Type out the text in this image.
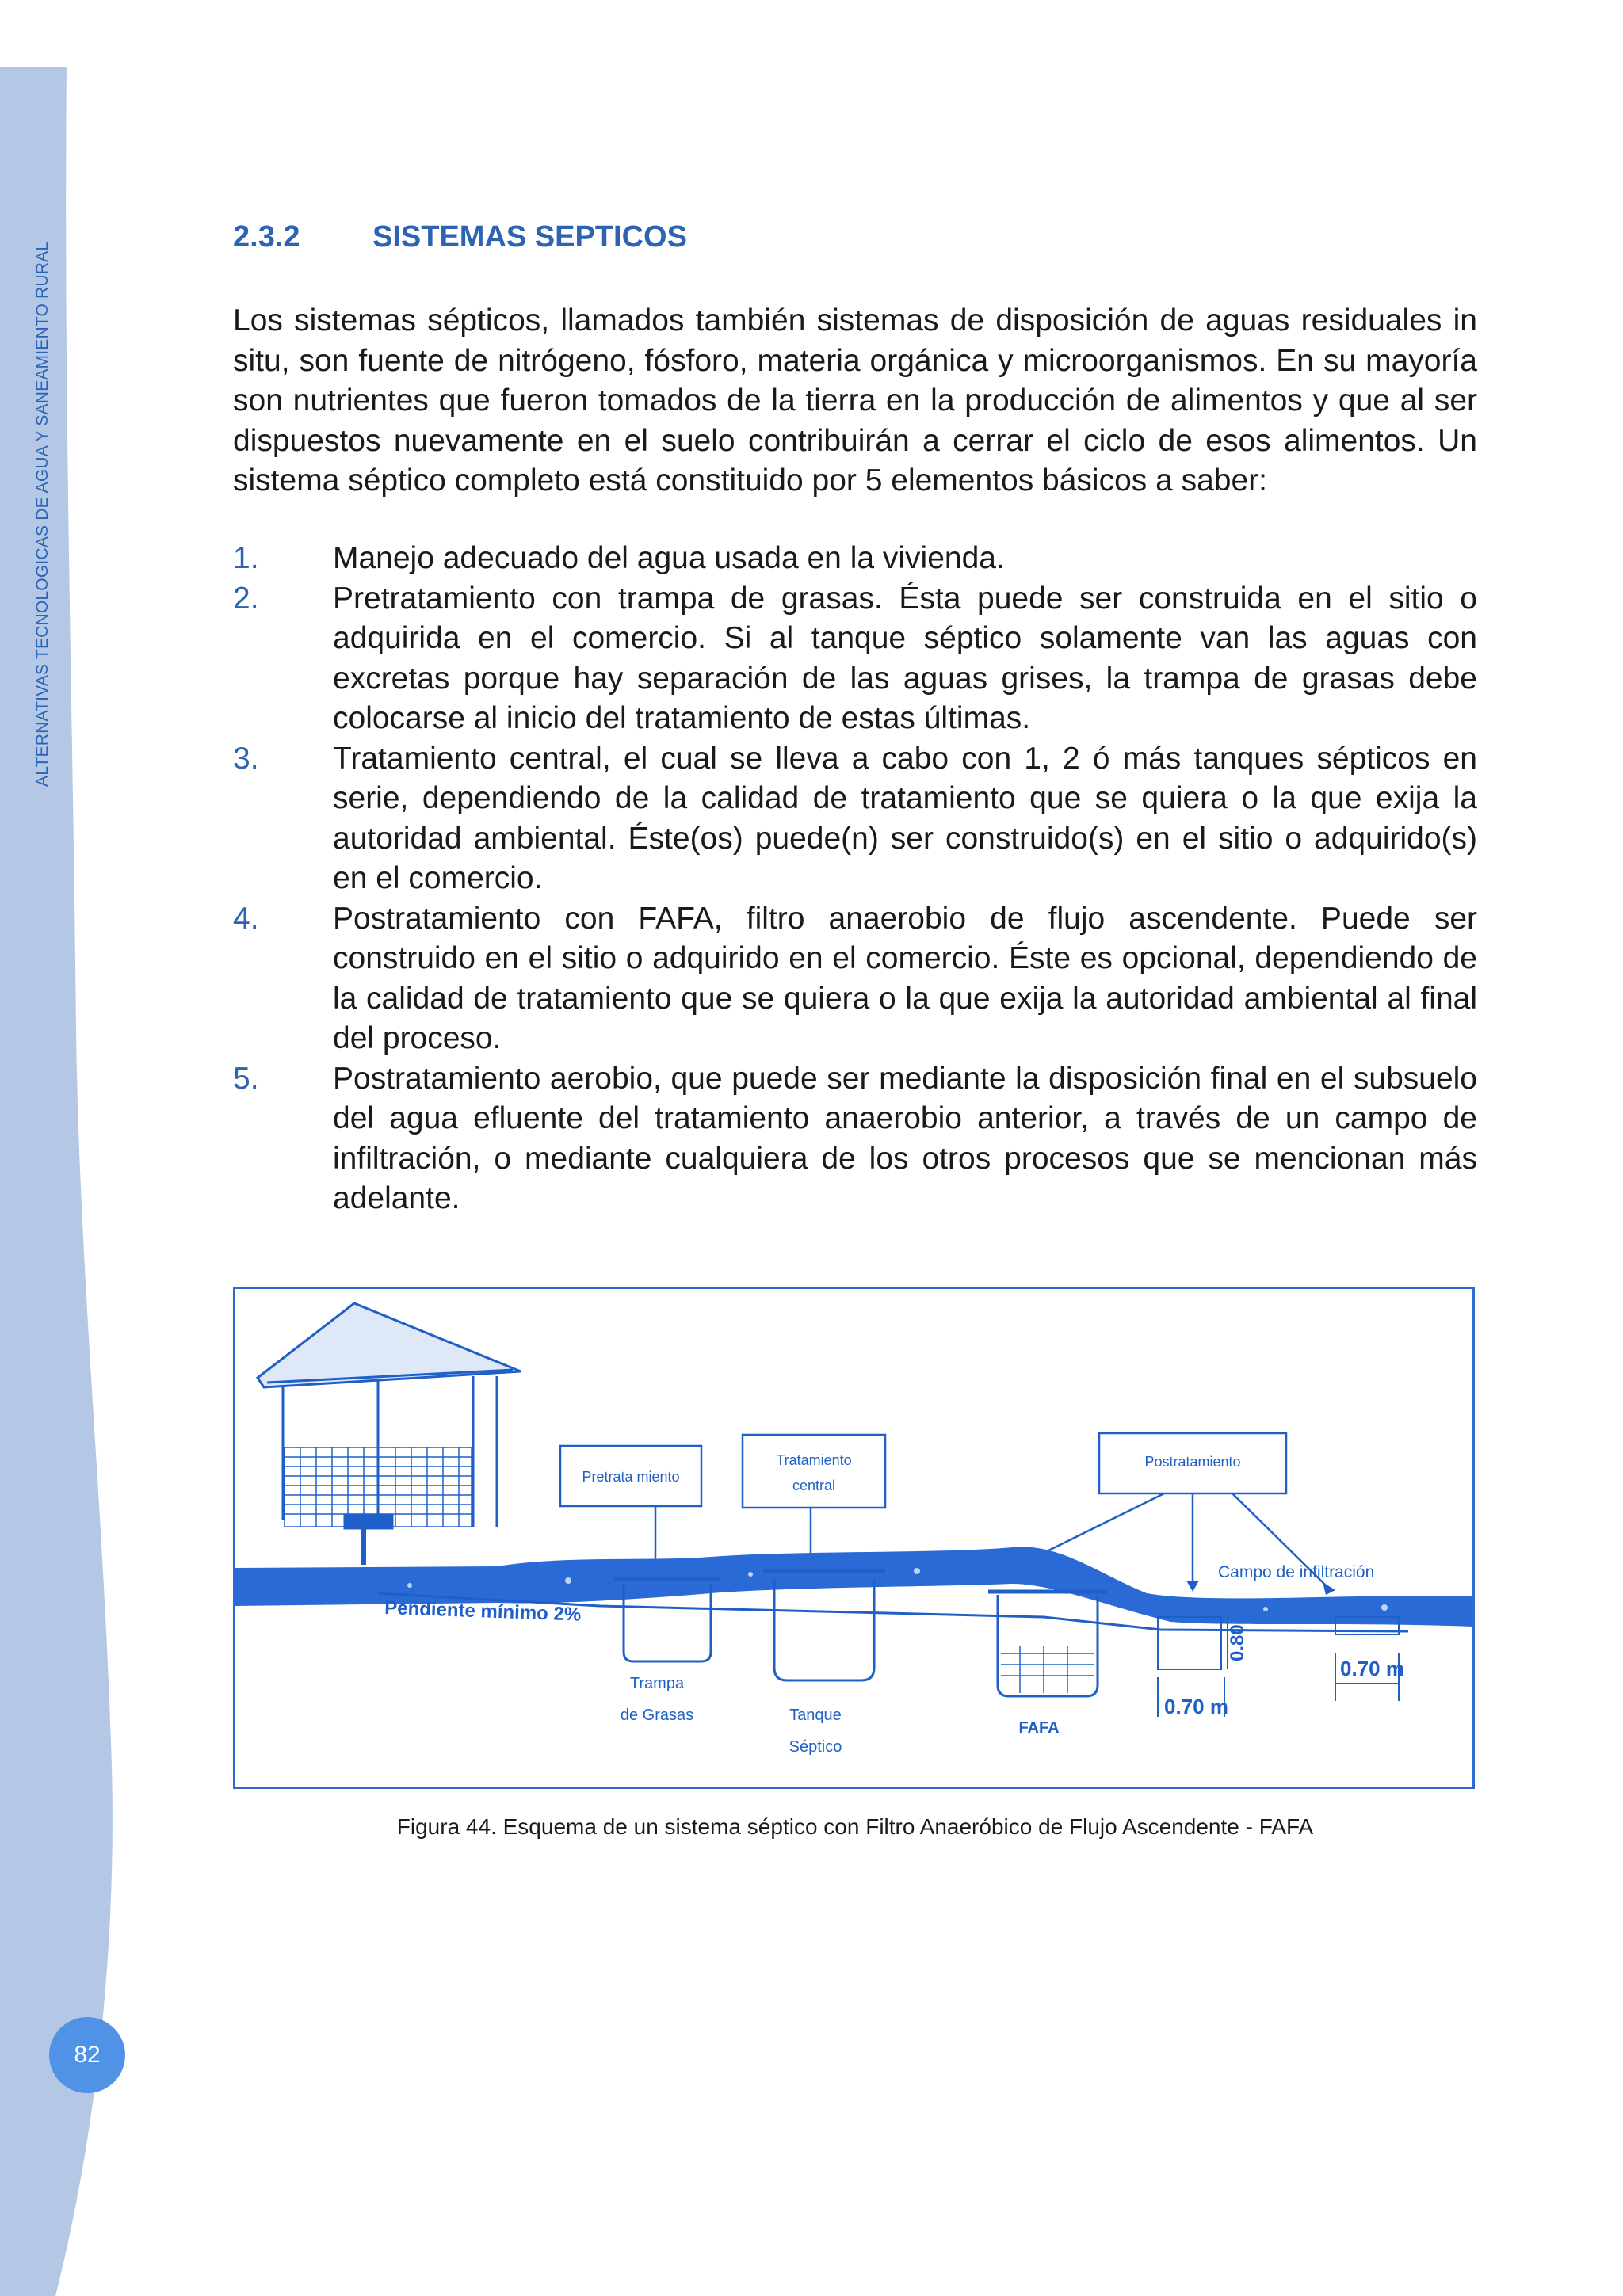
ALTERNATIVAS TECNOLOGICAS DE AGUA Y SANEAMIENTO RURAL
82
2.3.2 SISTEMAS SEPTICOS

Los sistemas sépticos, llamados también sistemas de disposición de aguas residuales in situ, son fuente de nitrógeno, fósforo, materia orgánica y microorganismos. En su mayoría son nutrientes que fueron tomados de la tierra en la producción de alimentos y que al ser dispuestos nuevamente en el suelo contribuirán a cerrar el ciclo de esos alimentos. Un sistema séptico completo está constituido por 5 elementos básicos a saber:

1. Manejo adecuado del agua usada en la vivienda.
2. Pretratamiento con trampa de grasas. Ésta puede ser construida en el sitio o adquirida en el comercio. Si al tanque séptico solamente van las aguas con excretas porque hay separación de las aguas grises, la trampa de grasas debe colocarse al inicio del tratamiento de estas últimas.
3. Tratamiento central, el cual se lleva a cabo con 1, 2 ó más tanques sépticos en serie, dependiendo de la calidad de tratamiento que se quiera o la que exija la autoridad ambiental. Éste(os) puede(n) ser construido(s) en el sitio o adquirido(s) en el comercio.
4. Postratamiento con FAFA, filtro anaerobio de flujo ascendente. Puede ser construido en el sitio o adquirido en el comercio. Éste es opcional, dependiendo de la calidad de tratamiento que se quiera o la que exija la autoridad ambiental al final del proceso.
5. Postratamiento aerobio, que puede ser mediante la disposición final en el subsuelo del agua efluente del tratamiento anaerobio anterior, a través de un campo de infiltración, o mediante cualquiera de los otros procesos que se mencionan más adelante.
Pretrata miento
Tratamiento
central
Postratamiento
Campo de infiltración
Pendiente mínimo 2%
Trampa
de Grasas	Tanque
Séptico
FAFA
0.80
0.70 m
0.70 m
Figura 44. Esquema de un sistema séptico con Filtro Anaeróbico de Flujo Ascendente - FAFA
